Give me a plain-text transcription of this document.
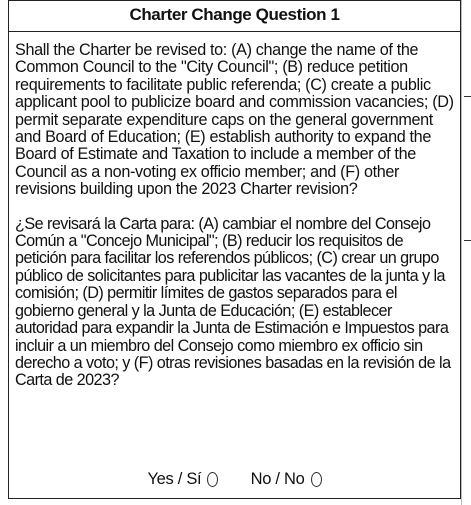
Charter Change Question 1

Shall the Charter be revised to: (A) change the name of the Common Council to the "City Council"; (B) reduce petition requirements to facilitate public referenda; (C) create a public applicant pool to publicize board and commission vacancies; (D) permit separate expenditure caps on the general government and Board of Education; (E) establish authority to expand the Board of Estimate and Taxation to include a member of the Council as a non-voting ex officio member; and (F) other revisions building upon the 2023 Charter revision?

¿Se revisará la Carta para: (A) cambiar el nombre del Consejo Común a "Concejo Municipal"; (B) reducir los requisitos de petición para facilitar los referendos públicos; (C) crear un grupo público de solicitantes para publicitar las vacantes de la junta y la comisión; (D) permitir límites de gastos separados para el gobierno general y la Junta de Educación; (E) establecer autoridad para expandir la Junta de Estimación e Impuestos para incluir a un miembro del Consejo como miembro ex officio sin derecho a voto; y (F) otras revisiones basadas en la revisión de la Carta de 2023?

Yes / Sí	No / No
